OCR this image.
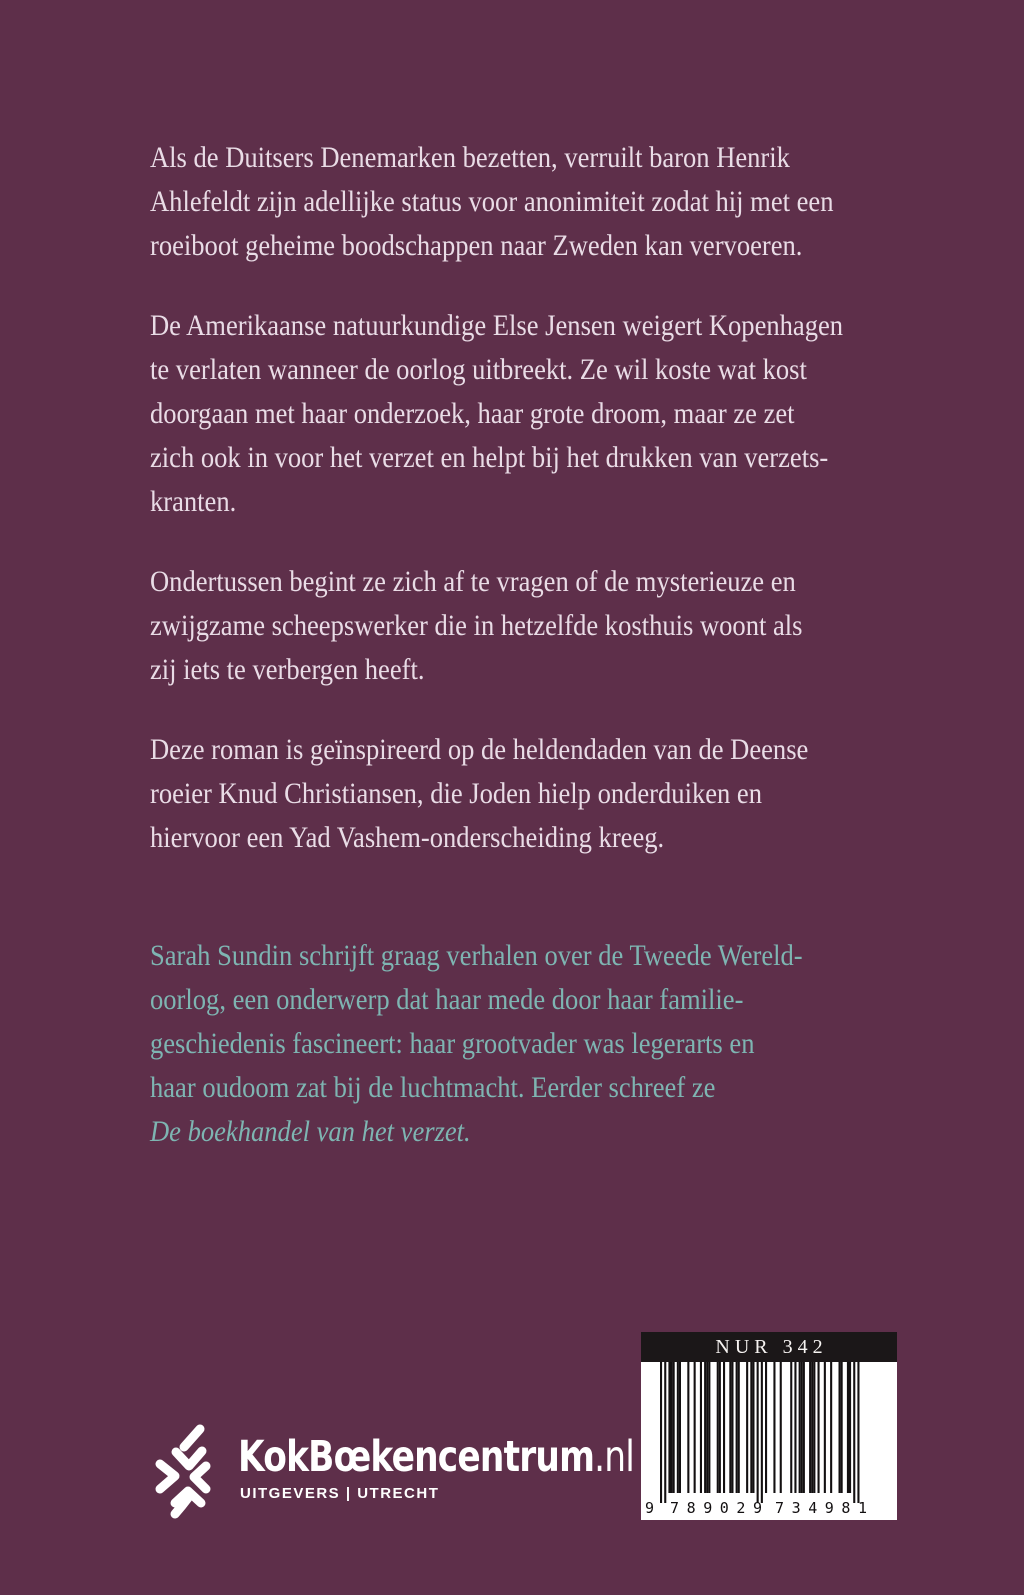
Als de Duitsers Denemarken bezetten, verruilt baron Henrik
Ahlefeldt zijn adellijke status voor anonimiteit zodat hij met een
roeiboot geheime boodschappen naar Zweden kan vervoeren.
De Amerikaanse natuurkundige Else Jensen weigert Kopenhagen
te verlaten wanneer de oorlog uitbreekt. Ze wil koste wat kost
doorgaan met haar onderzoek, haar grote droom, maar ze zet
zich ook in voor het verzet en helpt bij het drukken van verzets-
kranten.
Ondertussen begint ze zich af te vragen of de mysterieuze en
zwijgzame scheepswerker die in hetzelfde kosthuis woont als
zij iets te verbergen heeft.
Deze roman is geïnspireerd op de heldendaden van de Deense
roeier Knud Christiansen, die Joden hielp onderduiken en
hiervoor een Yad Vashem-onderscheiding kreeg.
Sarah Sundin schrijft graag verhalen over de Tweede Wereld-
oorlog, een onderwerp dat haar mede door haar familie-
geschiedenis fascineert: haar grootvader was legerarts en
haar oudoom zat bij de luchtmacht. Eerder schreef ze
De boekhandel van het verzet.
KokBœkencentrum.nl
UITGEVERS | UTRECHT
NUR 342
9 7 8 9 0 2 9 7 3 4 9 8 1
